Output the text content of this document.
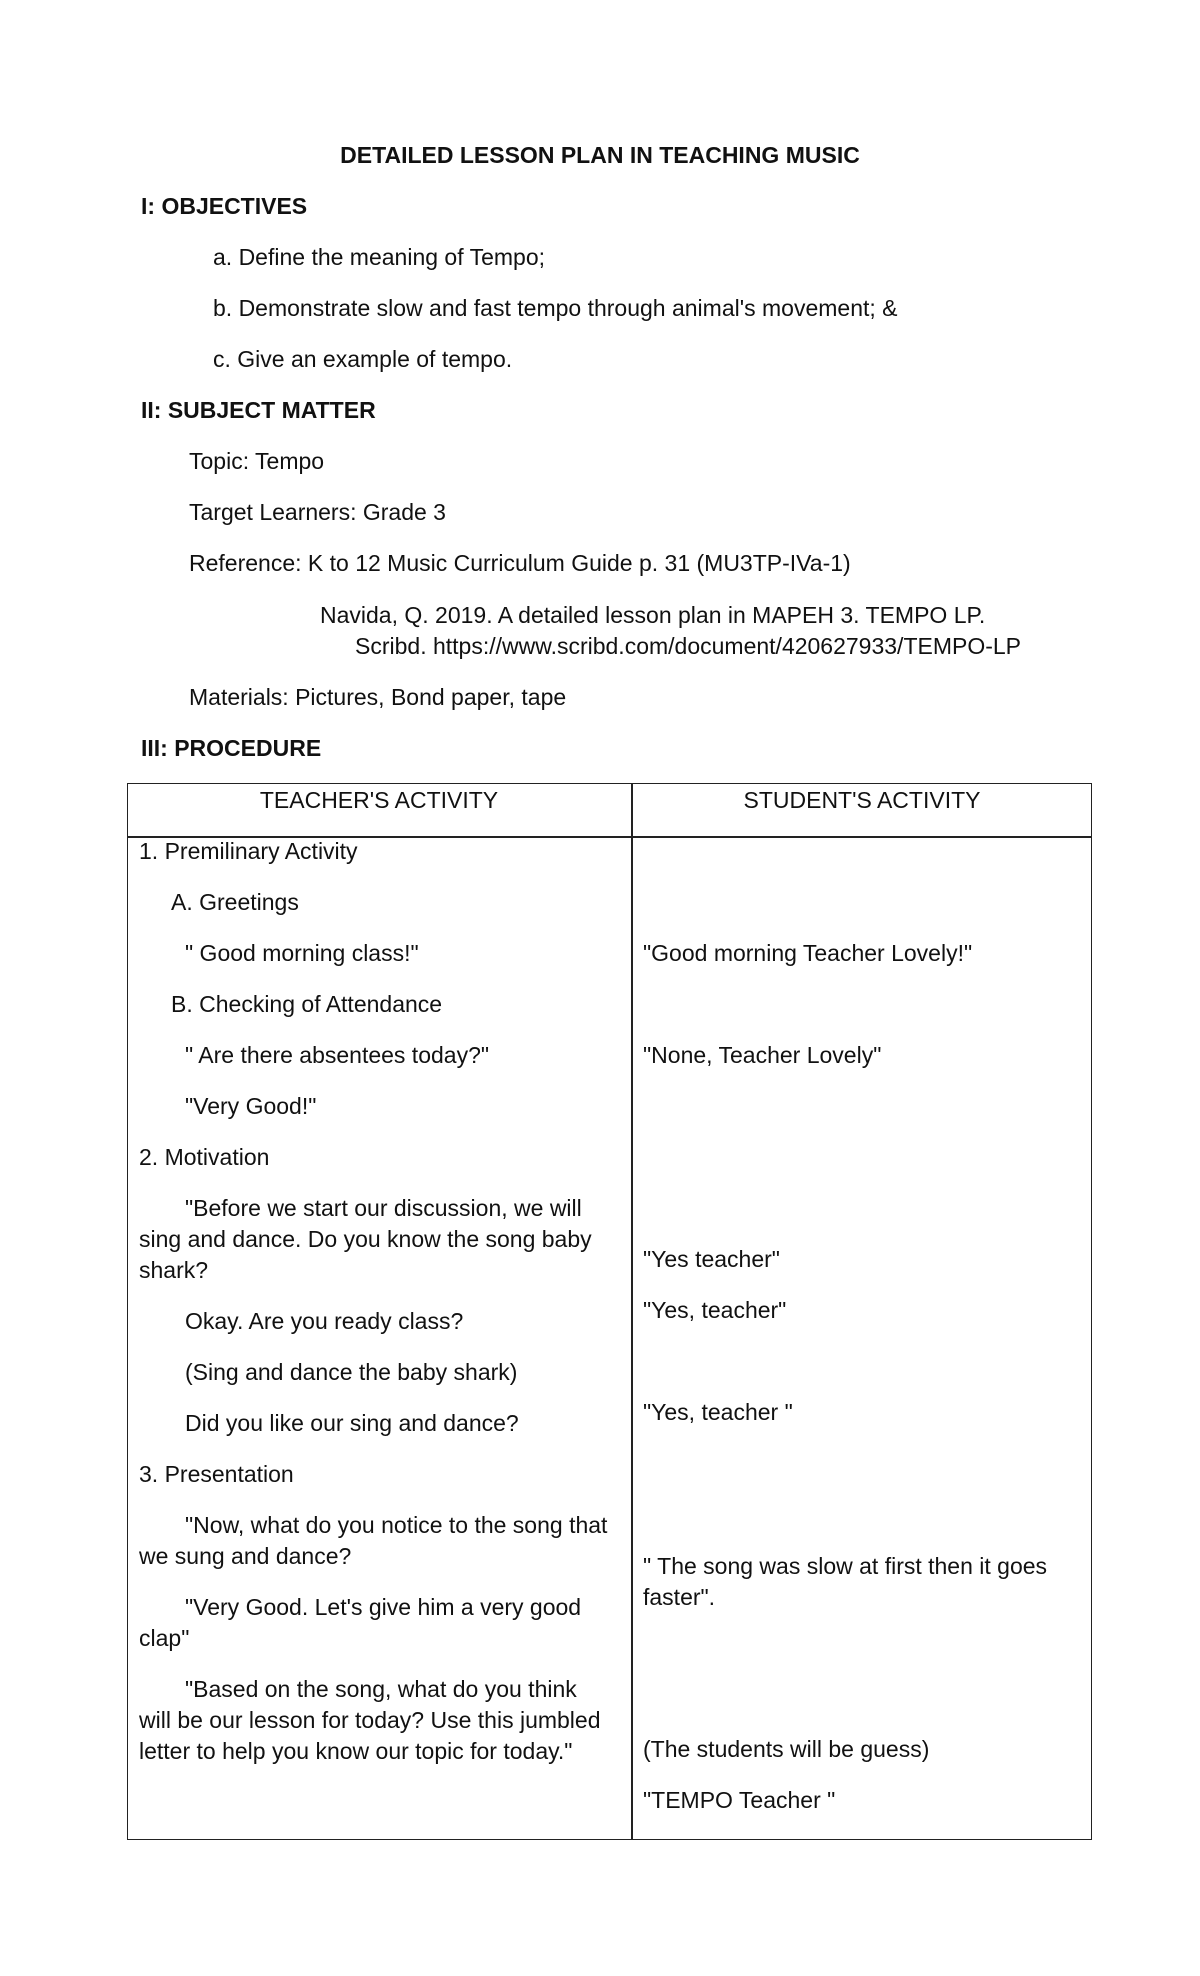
DETAILED LESSON PLAN IN TEACHING MUSIC
I: OBJECTIVES
a. Define the meaning of Tempo;
b. Demonstrate slow and fast tempo through animal's movement; &
c. Give an example of tempo.
II: SUBJECT MATTER
Topic: Tempo
Target Learners: Grade 3
Reference: K to 12 Music Curriculum Guide p. 31 (MU3TP-IVa-1)
Navida, Q. 2019. A detailed lesson plan in MAPEH 3. TEMPO LP.
Scribd. https://www.scribd.com/document/420627933/TEMPO-LP
Materials: Pictures, Bond paper, tape
III: PROCEDURE
TEACHER'S ACTIVITY	STUDENT'S ACTIVITY
1. Premilinary Activity
A. Greetings
" Good morning class!"
B. Checking of Attendance
" Are there absentees today?"
"Very Good!"
2. Motivation
"Before we start our discussion, we will
sing and dance. Do you know the song baby
shark?
Okay. Are you ready class?
(Sing and dance the baby shark)
Did you like our sing and dance?
3. Presentation
"Now, what do you notice to the song that
we sung and dance?
"Very Good. Let's give him a very good
clap"
"Based on the song, what do you think
will be our lesson for today? Use this jumbled
letter to help you know our topic for today."
"Good morning Teacher Lovely!"
"None, Teacher Lovely"
"Yes teacher"
"Yes, teacher"
"Yes, teacher "
" The song was slow at first then it goes
faster".
(The students will be guess)
"TEMPO Teacher "
